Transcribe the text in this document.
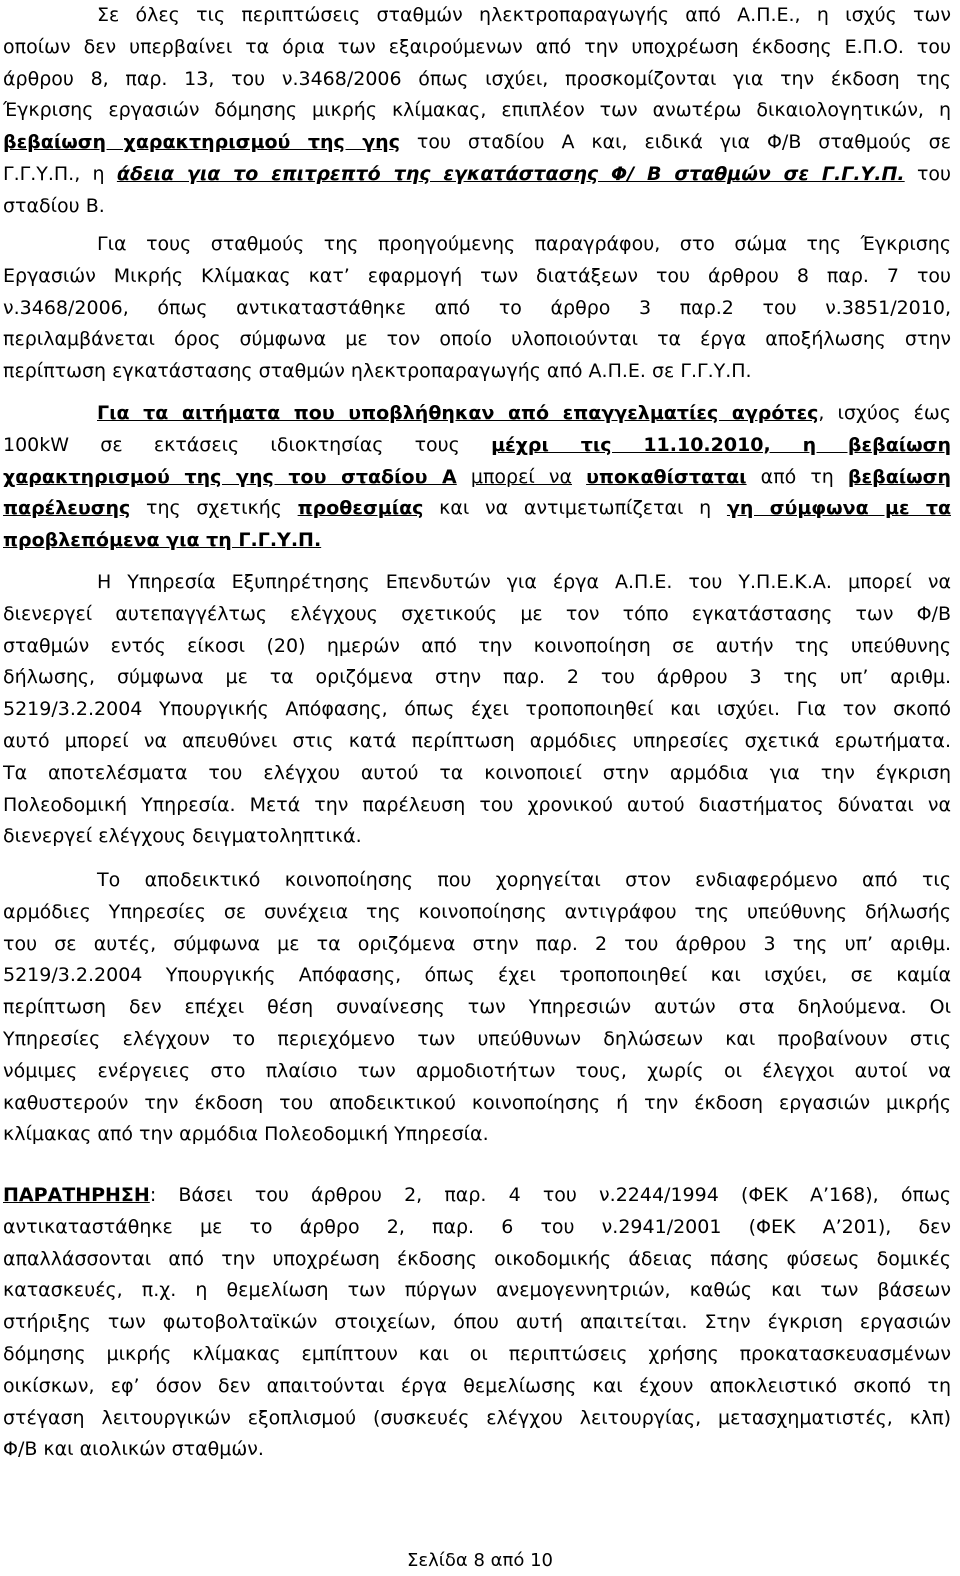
Σε όλες τις περιπτώσεις σταθμών ηλεκτροπαραγωγής από Α.Π.Ε., η ισχύς των
οποίων δεν υπερβαίνει τα όρια των εξαιρούμενων από την υποχρέωση έκδοσης Ε.Π.Ο. του
άρθρου 8, παρ. 13, του ν.3468/2006 όπως ισχύει, προσκομίζονται για την έκδοση της
Έγκρισης εργασιών δόμησης μικρής κλίμακας, επιπλέον των ανωτέρω δικαιολογητικών, η
βεβαίωση χαρακτηρισμού της γης του σταδίου Α και, ειδικά για Φ/Β σταθμούς σε
Γ.Γ.Υ.Π., η άδεια για το επιτρεπτό της εγκατάστασης Φ/ Β σταθμών σε Γ.Γ.Υ.Π. του
σταδίου Β.
Για τους σταθμούς της προηγούμενης παραγράφου, στο σώμα της Έγκρισης
Εργασιών Μικρής Κλίμακας κατ’ εφαρμογή των διατάξεων του άρθρου 8 παρ. 7 του
ν.3468/2006, όπως αντικαταστάθηκε από το άρθρο 3 παρ.2 του ν.3851/2010,
περιλαμβάνεται όρος σύμφωνα με τον οποίο υλοποιούνται τα έργα αποξήλωσης στην
περίπτωση εγκατάστασης σταθμών ηλεκτροπαραγωγής από Α.Π.Ε. σε Γ.Γ.Υ.Π.
Για τα αιτήματα που υποβλήθηκαν από επαγγελματίες αγρότες, ισχύος έως
100kW σε εκτάσεις ιδιοκτησίας τους μέχρι τις 11.10.2010, η βεβαίωση
χαρακτηρισμού της γης του σταδίου Α μπορεί να υποκαθίσταται από τη βεβαίωση
παρέλευσης της σχετικής προθεσμίας και να αντιμετωπίζεται η γη σύμφωνα με τα
προβλεπόμενα για τη Γ.Γ.Υ.Π.
Η Υπηρεσία Εξυπηρέτησης Επενδυτών για έργα Α.Π.Ε. του Υ.Π.Ε.Κ.Α. μπορεί να
διενεργεί αυτεπαγγέλτως ελέγχους σχετικούς με τον τόπο εγκατάστασης των Φ/Β
σταθμών εντός είκοσι (20) ημερών από την κοινοποίηση σε αυτήν της υπεύθυνης
δήλωσης, σύμφωνα με τα οριζόμενα στην παρ. 2 του άρθρου 3 της υπ’ αριθμ.
5219/3.2.2004 Υπουργικής Απόφασης, όπως έχει τροποποιηθεί και ισχύει. Για τον σκοπό
αυτό μπορεί να απευθύνει στις κατά περίπτωση αρμόδιες υπηρεσίες σχετικά ερωτήματα.
Τα αποτελέσματα του ελέγχου αυτού τα κοινοποιεί στην αρμόδια για την έγκριση
Πολεοδομική Υπηρεσία. Μετά την παρέλευση του χρονικού αυτού διαστήματος δύναται να
διενεργεί ελέγχους δειγματοληπτικά.
Το αποδεικτικό κοινοποίησης που χορηγείται στον ενδιαφερόμενο από τις
αρμόδιες Υπηρεσίες σε συνέχεια της κοινοποίησης αντιγράφου της υπεύθυνης δήλωσής
του σε αυτές, σύμφωνα με τα οριζόμενα στην παρ. 2 του άρθρου 3 της υπ’ αριθμ.
5219/3.2.2004 Υπουργικής Απόφασης, όπως έχει τροποποιηθεί και ισχύει, σε καμία
περίπτωση δεν επέχει θέση συναίνεσης των Υπηρεσιών αυτών στα δηλούμενα. Οι
Υπηρεσίες ελέγχουν το περιεχόμενο των υπεύθυνων δηλώσεων και προβαίνουν στις
νόμιμες ενέργειες στο πλαίσιο των αρμοδιοτήτων τους, χωρίς οι έλεγχοι αυτοί να
καθυστερούν την έκδοση του αποδεικτικού κοινοποίησης ή την έκδοση εργασιών μικρής
κλίμακας από την αρμόδια Πολεοδομική Υπηρεσία.
ΠΑΡΑΤΗΡΗΣΗ: Βάσει του άρθρου 2, παρ. 4 του ν.2244/1994 (ΦΕΚ Α’168), όπως
αντικαταστάθηκε με το άρθρο 2, παρ. 6 του ν.2941/2001 (ΦΕΚ Α’201), δεν
απαλλάσσονται από την υποχρέωση έκδοσης οικοδομικής άδειας πάσης φύσεως δομικές
κατασκευές, π.χ. η θεμελίωση των πύργων ανεμογεννητριών, καθώς και των βάσεων
στήριξης των φωτοβολταϊκών στοιχείων, όπου αυτή απαιτείται. Στην έγκριση εργασιών
δόμησης μικρής κλίμακας εμπίπτουν και οι περιπτώσεις χρήσης προκατασκευασμένων
οικίσκων, εφ’ όσον δεν απαιτούνται έργα θεμελίωσης και έχουν αποκλειστικό σκοπό τη
στέγαση λειτουργικών εξοπλισμού (συσκευές ελέγχου λειτουργίας, μετασχηματιστές, κλπ)
Φ/Β και αιολικών σταθμών.
Σελίδα 8 από 10
